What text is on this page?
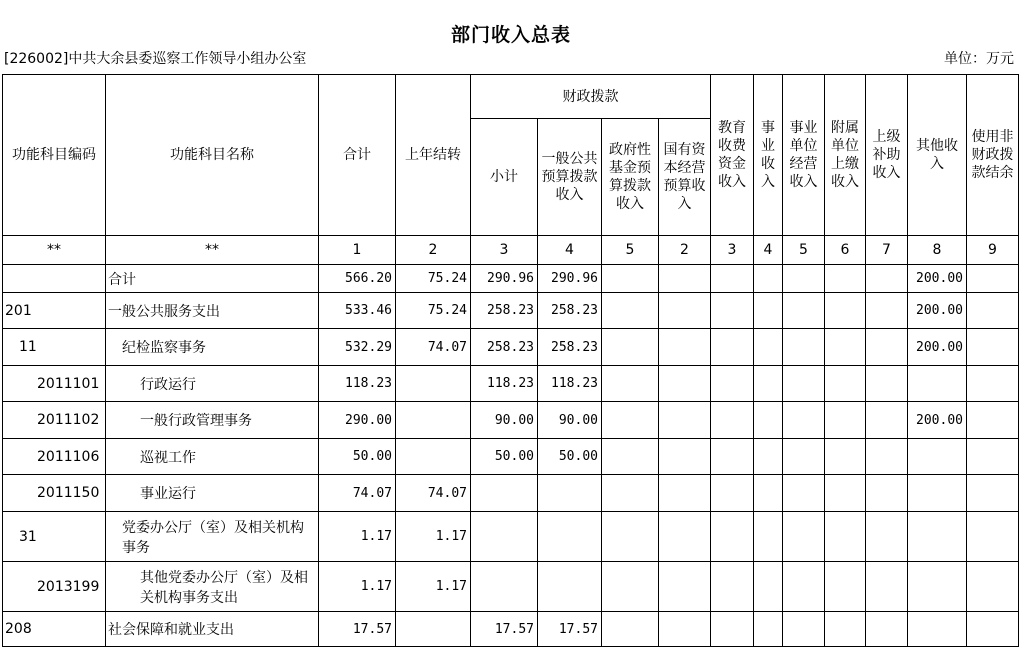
部门收入总表
[226002]中共大余县委巡察工作领导小组办公室	单位：万元
功能科目编码	功能科目名称	合计	上年结转	财政拨款				教育收费资金收入	事业收入	事业单位经营收入	附属单位上缴收入	上级补助收入	其他收入	使用非财政拨款结余
				小计	一般公共预算拨款收入	政府性基金预算拨款收入	国有资本经营预算收入							
**	**	1	2	3	4	5	2	3	4	5	6	7	8	9
	合计	566.20	75.24	290.96	290.96								200.00	
201	一般公共服务支出	533.46	75.24	258.23	258.23								200.00	
11	纪检监察事务	532.29	74.07	258.23	258.23								200.00	
2011101	行政运行	118.23		118.23	118.23									
2011102	一般行政管理事务	290.00		90.00	90.00								200.00	
2011106	巡视工作	50.00		50.00	50.00									
2011150	事业运行	74.07	74.07											
31	党委办公厅（室）及相关机构事务	1.17	1.17											
2013199	其他党委办公厅（室）及相关机构事务支出	1.17	1.17											
208	社会保障和就业支出	17.57		17.57	17.57									
